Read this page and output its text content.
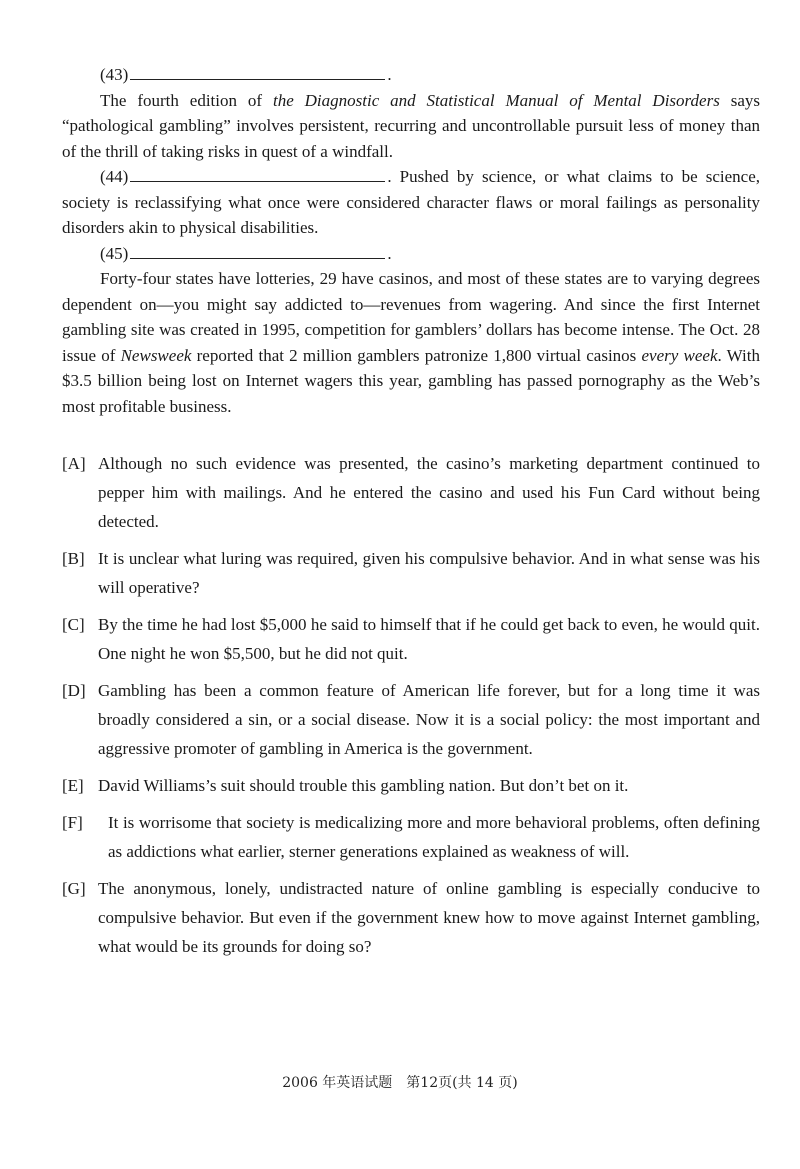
(43)	.

The fourth edition of the Diagnostic and Statistical Manual of Mental Disorders says “pathological gambling” involves persistent, recurring and uncontrollable pursuit less of money than of the thrill of taking risks in quest of a windfall.

(44)	. Pushed by science, or what claims to be science, society is reclassifying what once were considered character flaws or moral failings as personality disorders akin to physical disabilities.

(45)	.

Forty-four states have lotteries, 29 have casinos, and most of these states are to varying degrees dependent on—you might say addicted to—revenues from wagering. And since the first Internet gambling site was created in 1995, competition for gamblers’ dollars has become intense. The Oct. 28 issue of Newsweek reported that 2 million gamblers patronize 1,800 virtual casinos every week. With $3.5 billion being lost on Internet wagers this year, gambling has passed pornography as the Web’s most profitable business.

[A] Although no such evidence was presented, the casino’s marketing department continued to pepper him with mailings. And he entered the casino and used his Fun Card without being detected.
[B] It is unclear what luring was required, given his compulsive behavior. And in what sense was his will operative?
[C] By the time he had lost $5,000 he said to himself that if he could get back to even, he would quit. One night he won $5,500, but he did not quit.
[D] Gambling has been a common feature of American life forever, but for a long time it was broadly considered a sin, or a social disease. Now it is a social policy: the most important and aggressive promoter of gambling in America is the government.
[E] David Williams’s suit should trouble this gambling nation. But don’t bet on it.
[F]	It is worrisome that society is medicalizing more and more behavioral problems, often defining as addictions what earlier, sterner generations explained as weakness of will.
[G] The anonymous, lonely, undistracted nature of online gambling is especially conducive to compulsive behavior. But even if the government knew how to move against Internet gambling, what would be its grounds for doing so?
2006 年英语试题　第12页(共 14 页)
